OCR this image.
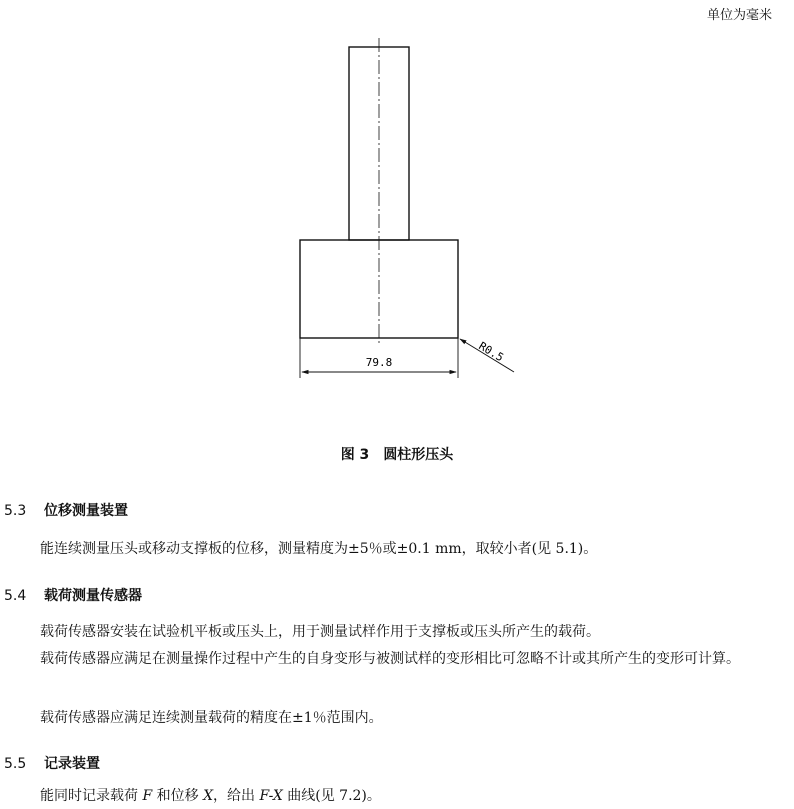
单位为毫米
79.8	R0.5
图 3 圆柱形压头
5.3 位移测量装置
能连续测量压头或移动支撑板的位移，测量精度为±5％或±0.1 mm，取较小者(见 5.1)。
5.4 载荷测量传感器
载荷传感器安装在试验机平板或压头上，用于测量试样作用于支撑板或压头所产生的载荷。
载荷传感器应满足在测量操作过程中产生的自身变形与被测试样的变形相比可忽略不计或其所产生的变形可计算。
载荷传感器应满足连续测量载荷的精度在±1％范围内。
5.5 记录装置
能同时记录载荷 F 和位移 X，给出 F-X 曲线(见 7.2)。
